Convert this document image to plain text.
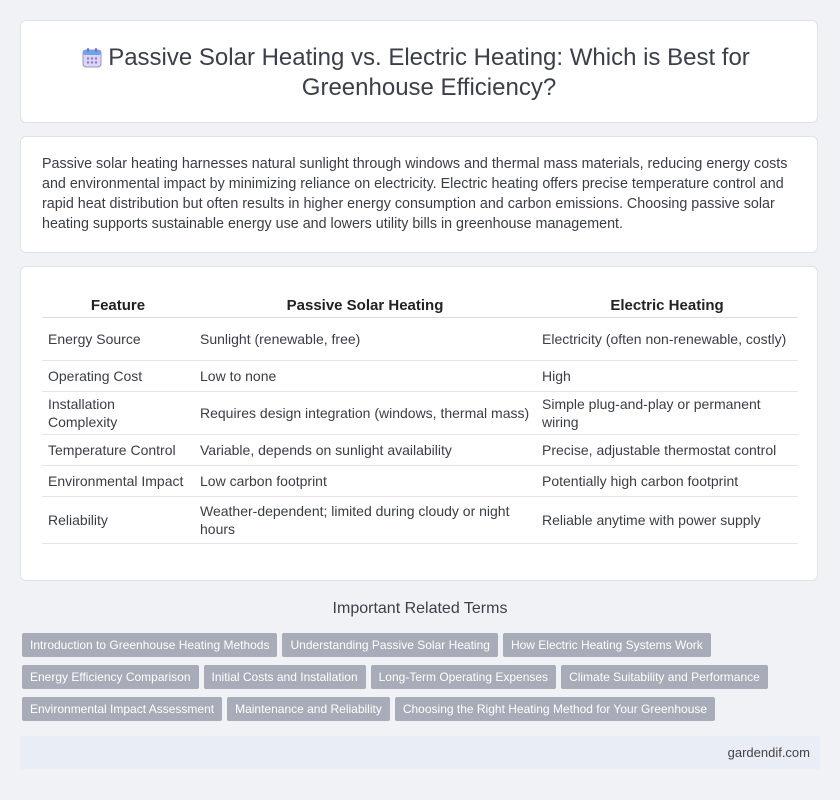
Passive Solar Heating vs. Electric Heating: Which is Best for Greenhouse Efficiency?

Passive solar heating harnesses natural sunlight through windows and thermal mass materials, reducing energy costs and environmental impact by minimizing reliance on electricity. Electric heating offers precise temperature control and rapid heat distribution but often results in higher energy consumption and carbon emissions. Choosing passive solar heating supports sustainable energy use and lowers utility bills in greenhouse management.

Feature	Passive Solar Heating	Electric Heating
Energy Source	Sunlight (renewable, free)	Electricity (often non-renewable, costly)
Operating Cost	Low to none	High
Installation Complexity	Requires design integration (windows, thermal mass)	Simple plug-and-play or permanent wiring
Temperature Control	Variable, depends on sunlight availability	Precise, adjustable thermostat control
Environmental Impact	Low carbon footprint	Potentially high carbon footprint
Reliability	Weather-dependent; limited during cloudy or night hours	Reliable anytime with power supply
Important Related Terms
Introduction to Greenhouse Heating Methods Understanding Passive Solar Heating How Electric Heating Systems Work
Energy Efficiency Comparison Initial Costs and Installation Long-Term Operating Expenses Climate Suitability and Performance
Environmental Impact Assessment Maintenance and Reliability Choosing the Right Heating Method for Your Greenhouse
gardendif.com
